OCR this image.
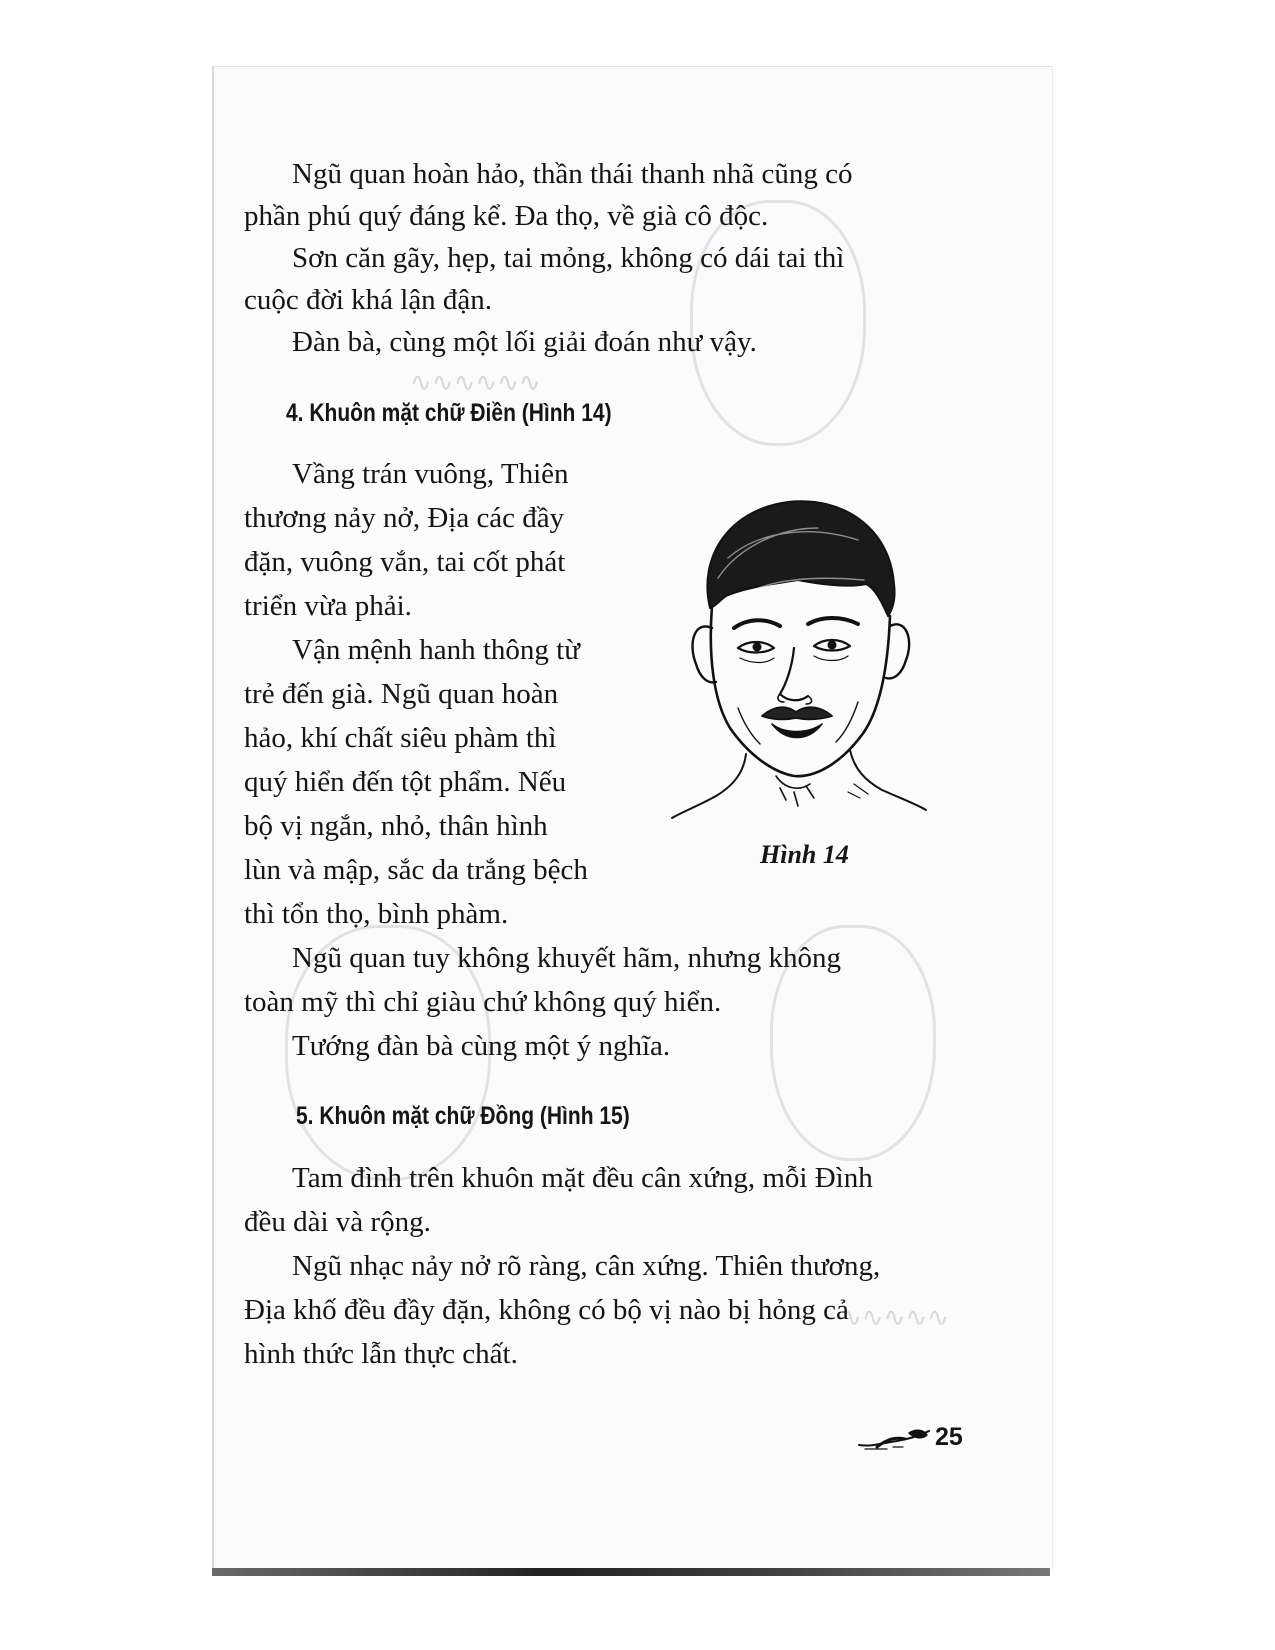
∿∿∿∿∿∿
∿∿∿∿∿

Ngũ quan hoàn hảo, thần thái thanh nhã cũng có

phần phú quý đáng kể. Đa thọ, về già cô độc.

Sơn căn gãy, hẹp, tai mỏng, không có dái tai thì

cuộc đời khá lận đận.

Đàn bà, cùng một lối giải đoán như vậy.

4. Khuôn mặt chữ Điền (Hình 14)

Vầng trán vuông, Thiên

thương nảy nở, Địa các đầy

đặn, vuông vắn, tai cốt phát

triển vừa phải.

Vận mệnh hanh thông từ

trẻ đến già. Ngũ quan hoàn

hảo, khí chất siêu phàm thì

quý hiển đến tột phẩm. Nếu

bộ vị ngắn, nhỏ, thân hình

lùn và mập, sắc da trắng bệch

thì tổn thọ, bình phàm.

Ngũ quan tuy không khuyết hãm, nhưng không

toàn mỹ thì chỉ giàu chứ không quý hiển.

Tướng đàn bà cùng một ý nghĩa.

5. Khuôn mặt chữ Đồng (Hình 15)

Tam đình trên khuôn mặt đều cân xứng, mỗi Đình

đều dài và rộng.

Ngũ nhạc nảy nở rõ ràng, cân xứng. Thiên thương,

Địa khố đều đầy đặn, không có bộ vị nào bị hỏng cả

hình thức lẫn thực chất.

Hình 14

25
